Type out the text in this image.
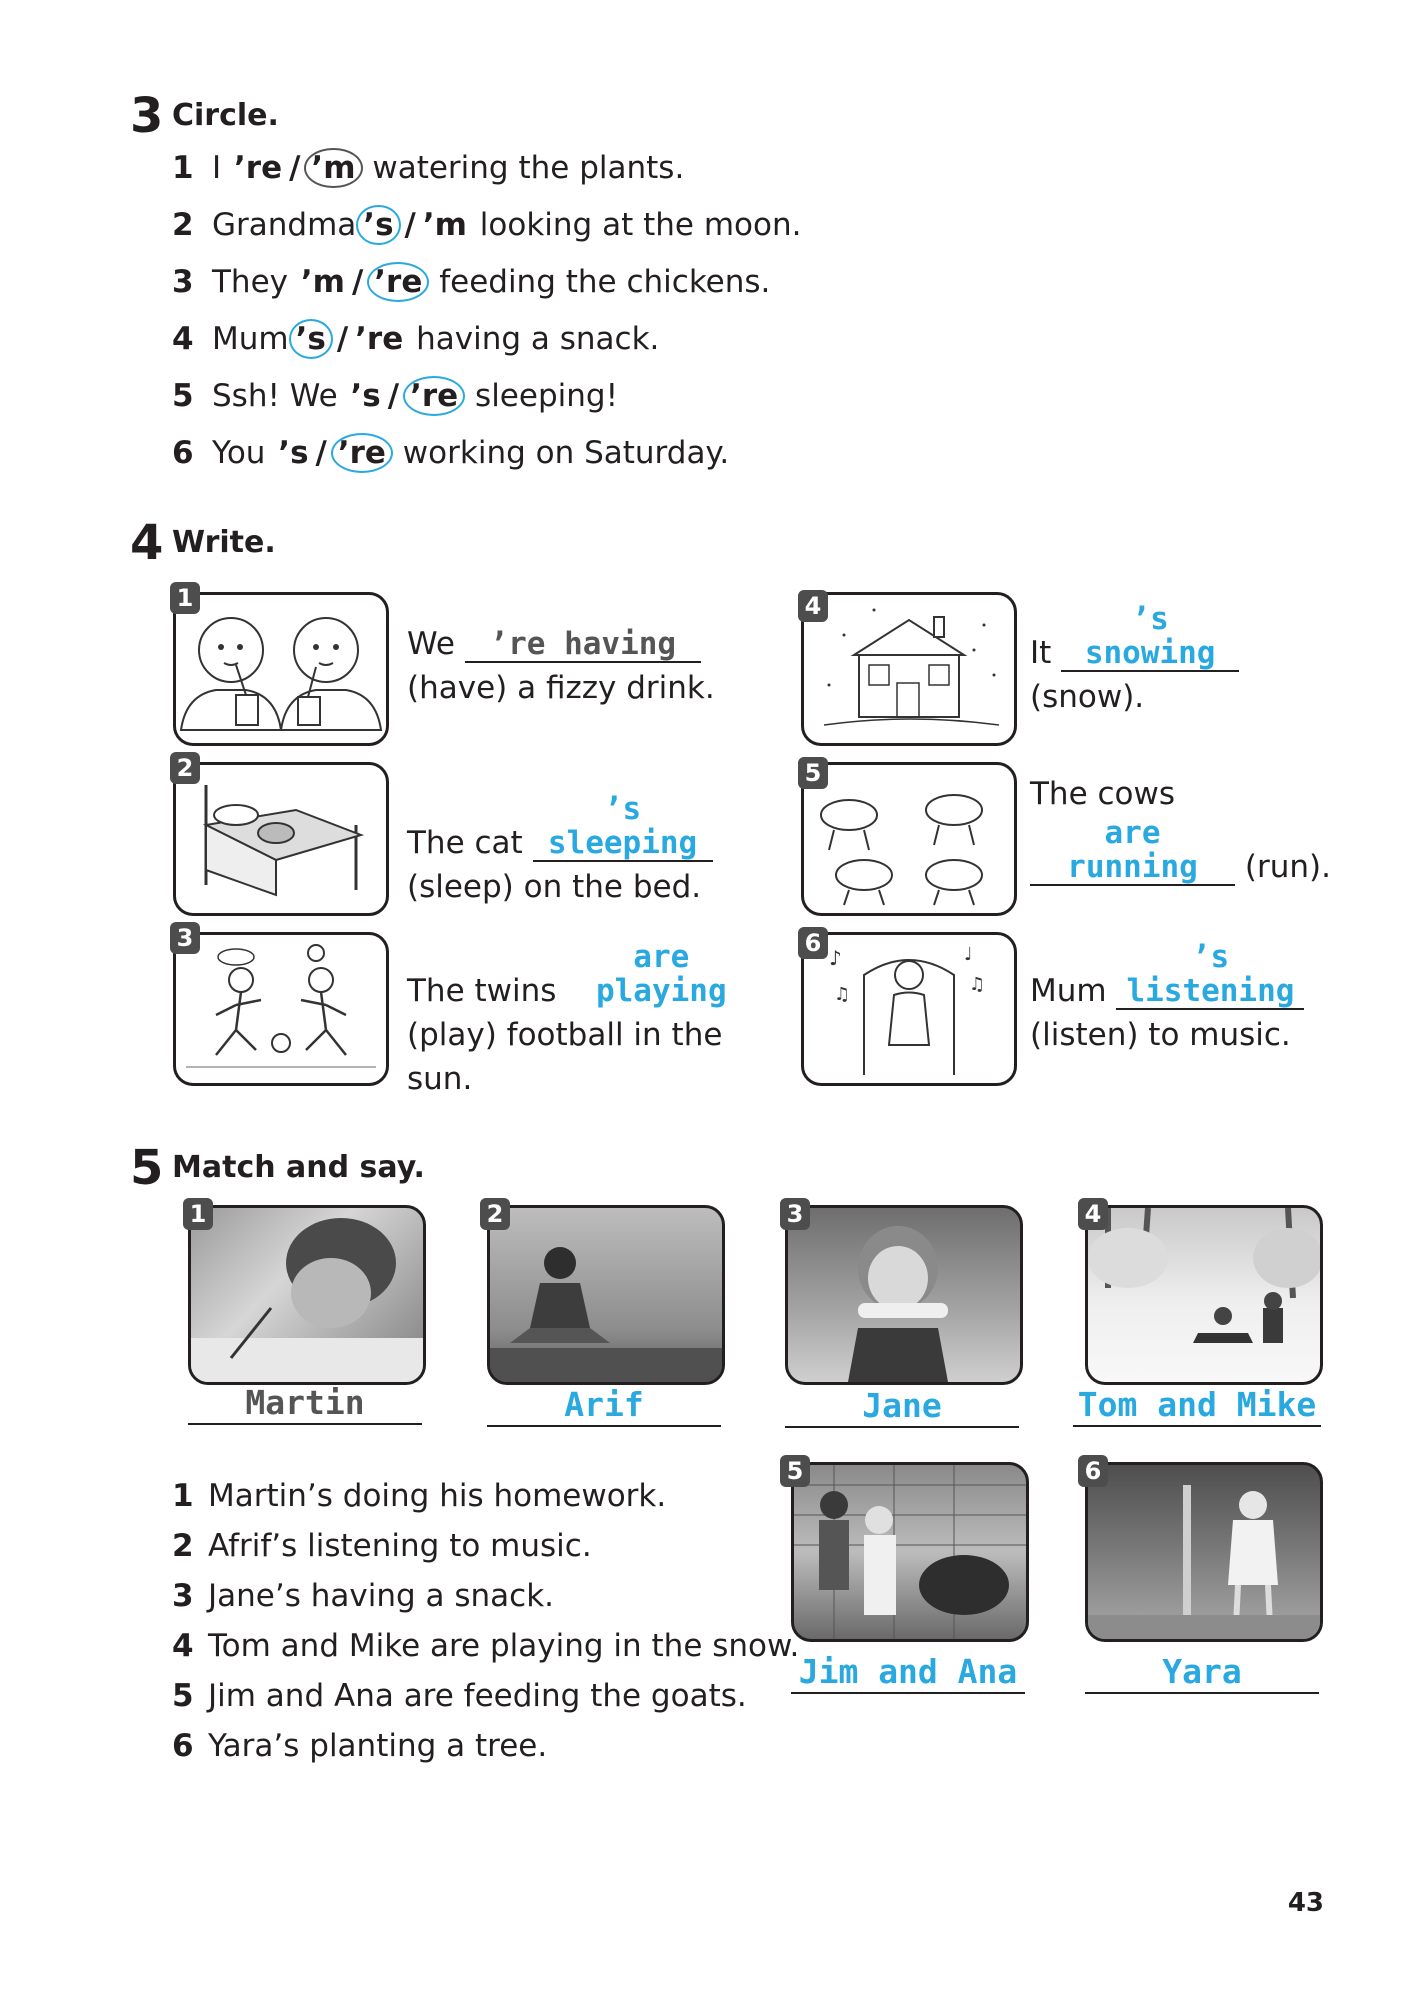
3 Circle.
1 I ’re / ’m watering the plants.
2 Grandma ’s / ’m looking at the moon.
3 They ’m / ’re feeding the chickens.
4 Mum ’s / ’re having a snack.
5 Ssh! We ’s / ’re sleeping!
6 You ’s / ’re working on Saturday.
4 Write.
1
2
3
4
5
6
♪	♩
♫
♫
We ’re having
(have) a fizzy drink.
The cat ’s sleeping
(sleep) on the bed.
The twins are playing
(play) football in the
sun.
It ’s snowing
(snow).
The cows
are running (run).
Mum ’s listening
(listen) to music.
5 Match and say.
1	2	3	4
Martin	Arif	Jane	Tom and Mike
5	6
Jim and Ana	Yara
1 Martin’s doing his homework.
2 Afrif’s listening to music.
3 Jane’s having a snack.
4 Tom and Mike are playing in the snow.
5 Jim and Ana are feeding the goats.
6 Yara’s planting a tree.
43
